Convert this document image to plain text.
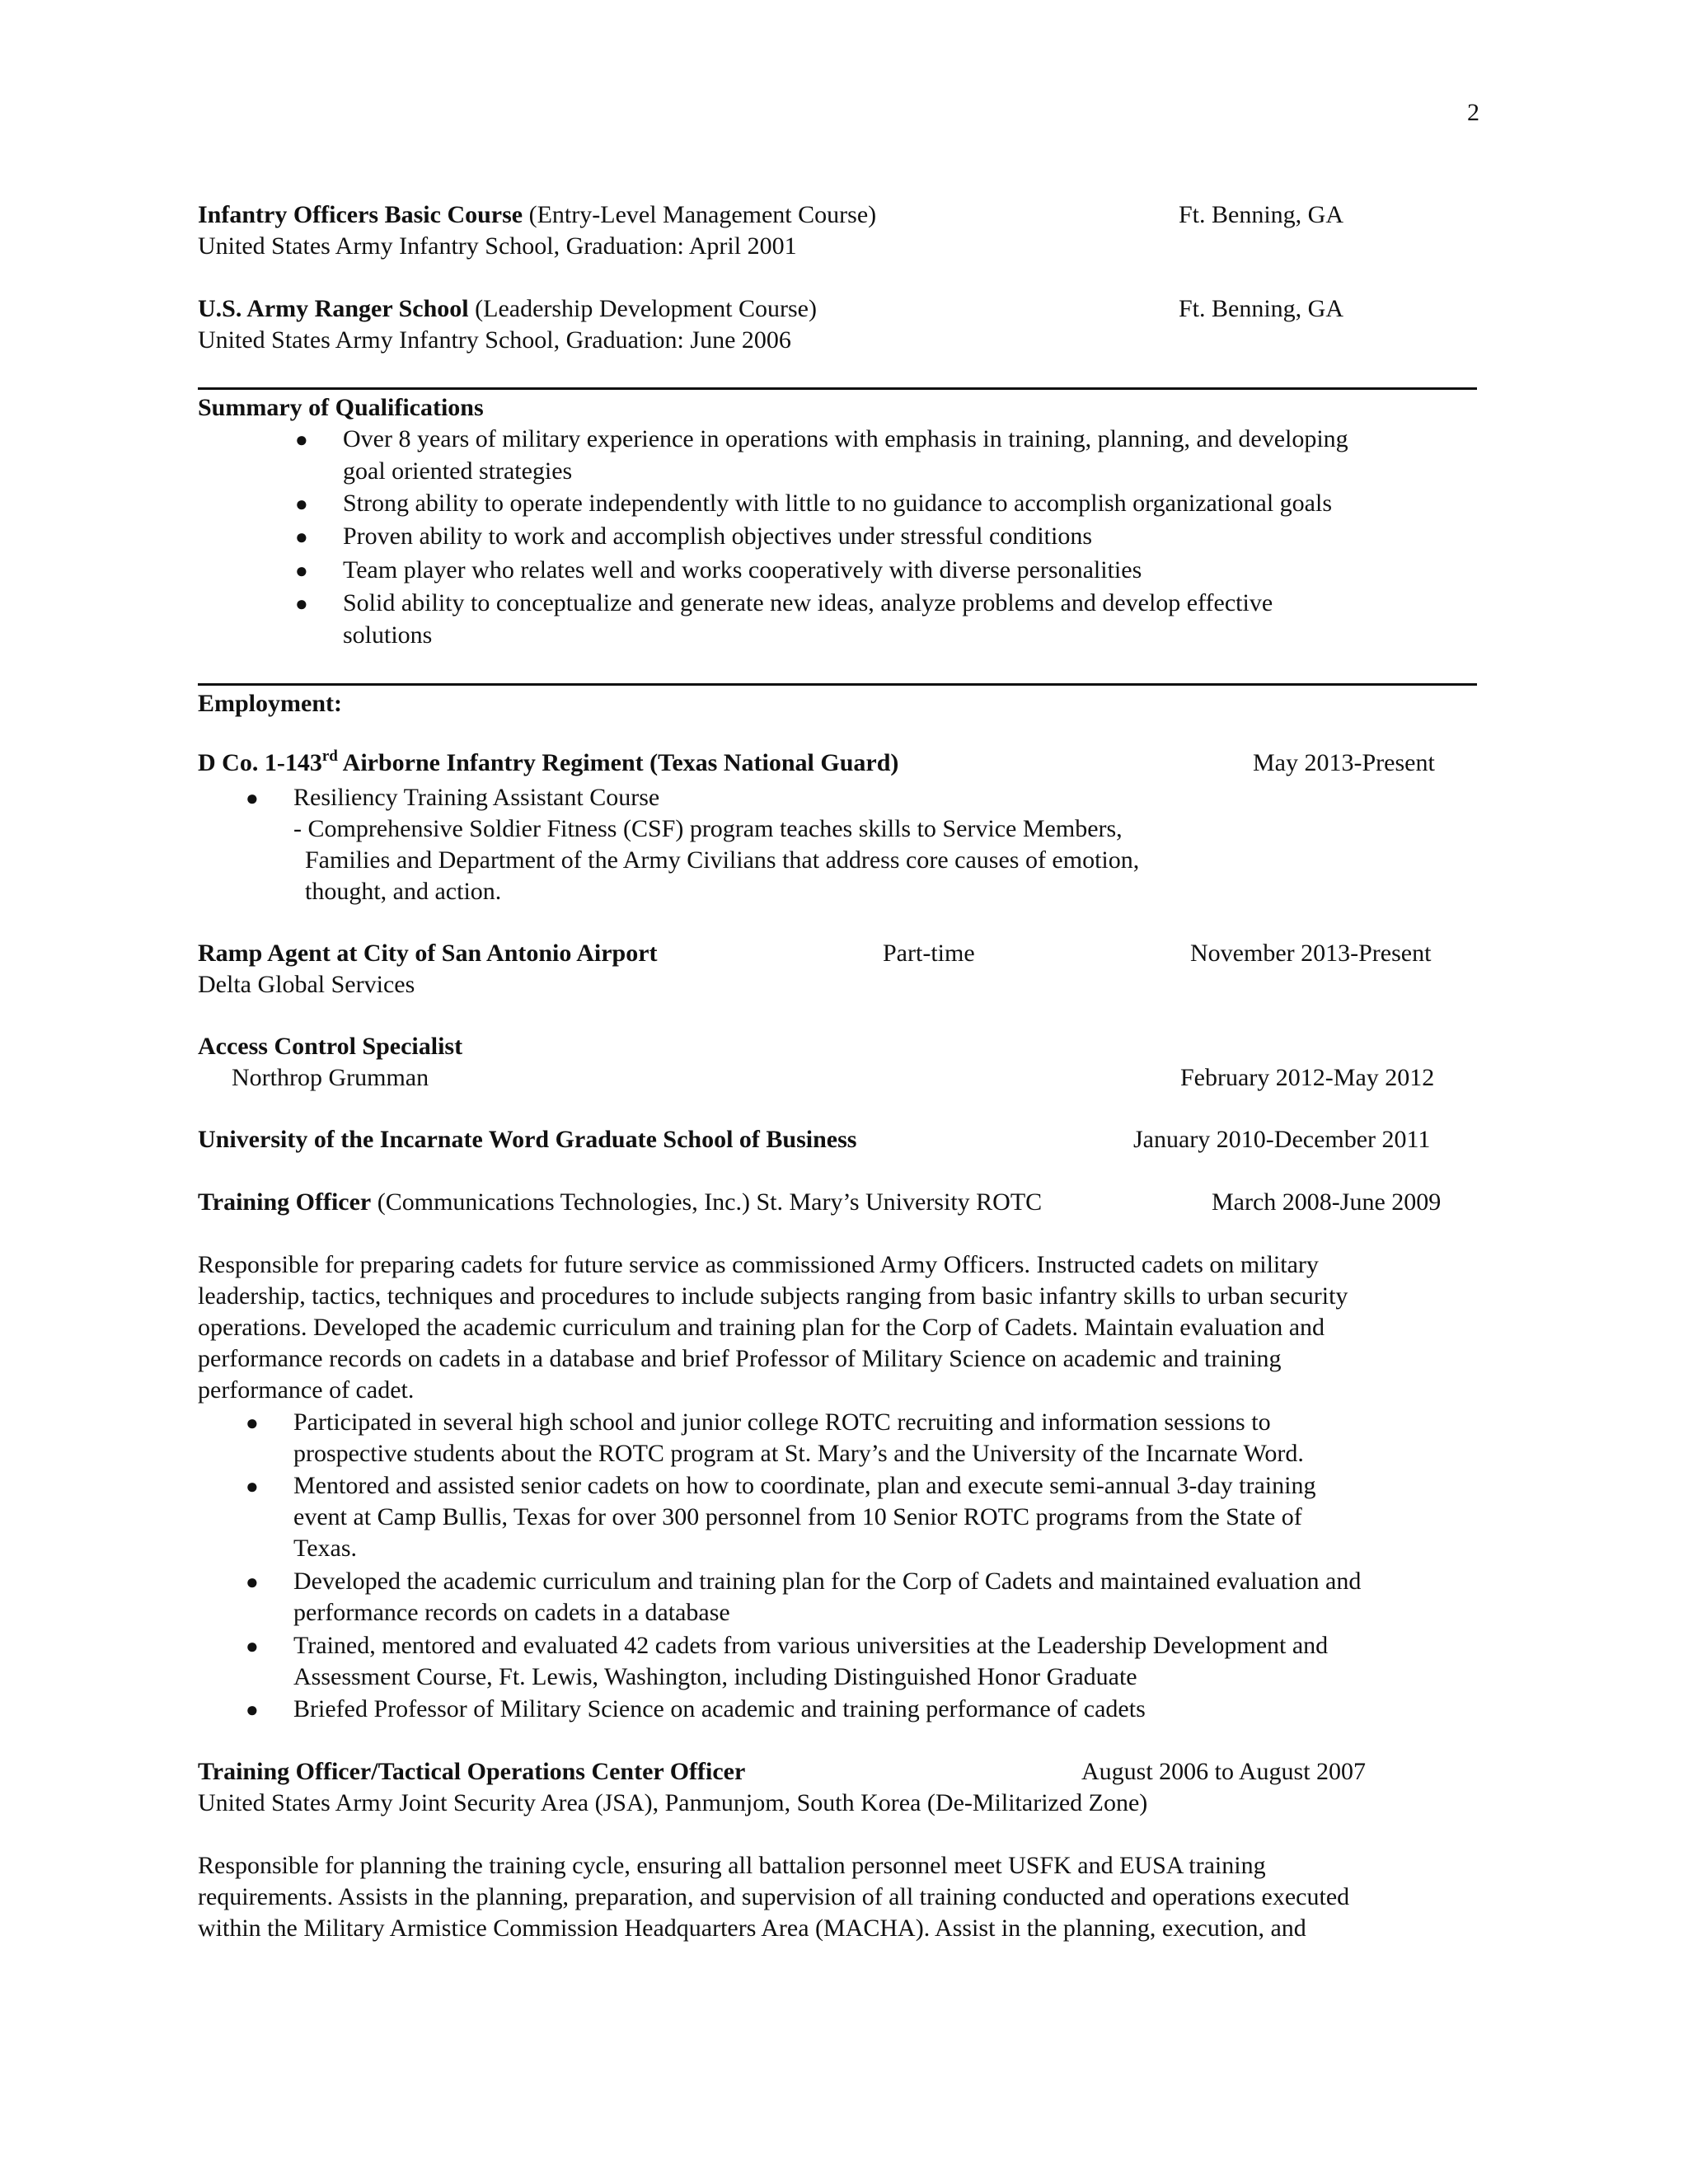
2
Infantry Officers Basic Course (Entry-Level Management Course)	Ft. Benning, GA
United States Army Infantry School, Graduation: April 2001
U.S. Army Ranger School (Leadership Development Course)	Ft. Benning, GA
United States Army Infantry School, Graduation: June 2006
Summary of Qualifications
● Over 8 years of military experience in operations with emphasis in training, planning, and developing
goal oriented strategies
● Strong ability to operate independently with little to no guidance to accomplish organizational goals
● Proven ability to work and accomplish objectives under stressful conditions
● Team player who relates well and works cooperatively with diverse personalities
● Solid ability to conceptualize and generate new ideas, analyze problems and develop effective
solutions
Employment:
D Co. 1-143rd Airborne Infantry Regiment (Texas National Guard)	May 2013-Present
● Resiliency Training Assistant Course
- Comprehensive Soldier Fitness (CSF) program teaches skills to Service Members,
Families and Department of the Army Civilians that address core causes of emotion,
thought, and action.
Ramp Agent at City of San Antonio Airport	Part-time	November 2013-Present
Delta Global Services
Access Control Specialist
Northrop Grumman	February 2012-May 2012
University of the Incarnate Word Graduate School of Business	January 2010-December 2011
Training Officer (Communications Technologies, Inc.) St. Mary’s University ROTC	March 2008-June 2009
Responsible for preparing cadets for future service as commissioned Army Officers. Instructed cadets on military
leadership, tactics, techniques and procedures to include subjects ranging from basic infantry skills to urban security
operations. Developed the academic curriculum and training plan for the Corp of Cadets. Maintain evaluation and
performance records on cadets in a database and brief Professor of Military Science on academic and training
performance of cadet.
● Participated in several high school and junior college ROTC recruiting and information sessions to
prospective students about the ROTC program at St. Mary’s and the University of the Incarnate Word.
● Mentored and assisted senior cadets on how to coordinate, plan and execute semi-annual 3-day training
event at Camp Bullis, Texas for over 300 personnel from 10 Senior ROTC programs from the State of
Texas.
● Developed the academic curriculum and training plan for the Corp of Cadets and maintained evaluation and
performance records on cadets in a database
● Trained, mentored and evaluated 42 cadets from various universities at the Leadership Development and
Assessment Course, Ft. Lewis, Washington, including Distinguished Honor Graduate
● Briefed Professor of Military Science on academic and training performance of cadets
Training Officer/Tactical Operations Center Officer	August 2006 to August 2007
United States Army Joint Security Area (JSA), Panmunjom, South Korea (De-Militarized Zone)
Responsible for planning the training cycle, ensuring all battalion personnel meet USFK and EUSA training
requirements. Assists in the planning, preparation, and supervision of all training conducted and operations executed
within the Military Armistice Commission Headquarters Area (MACHA). Assist in the planning, execution, and
